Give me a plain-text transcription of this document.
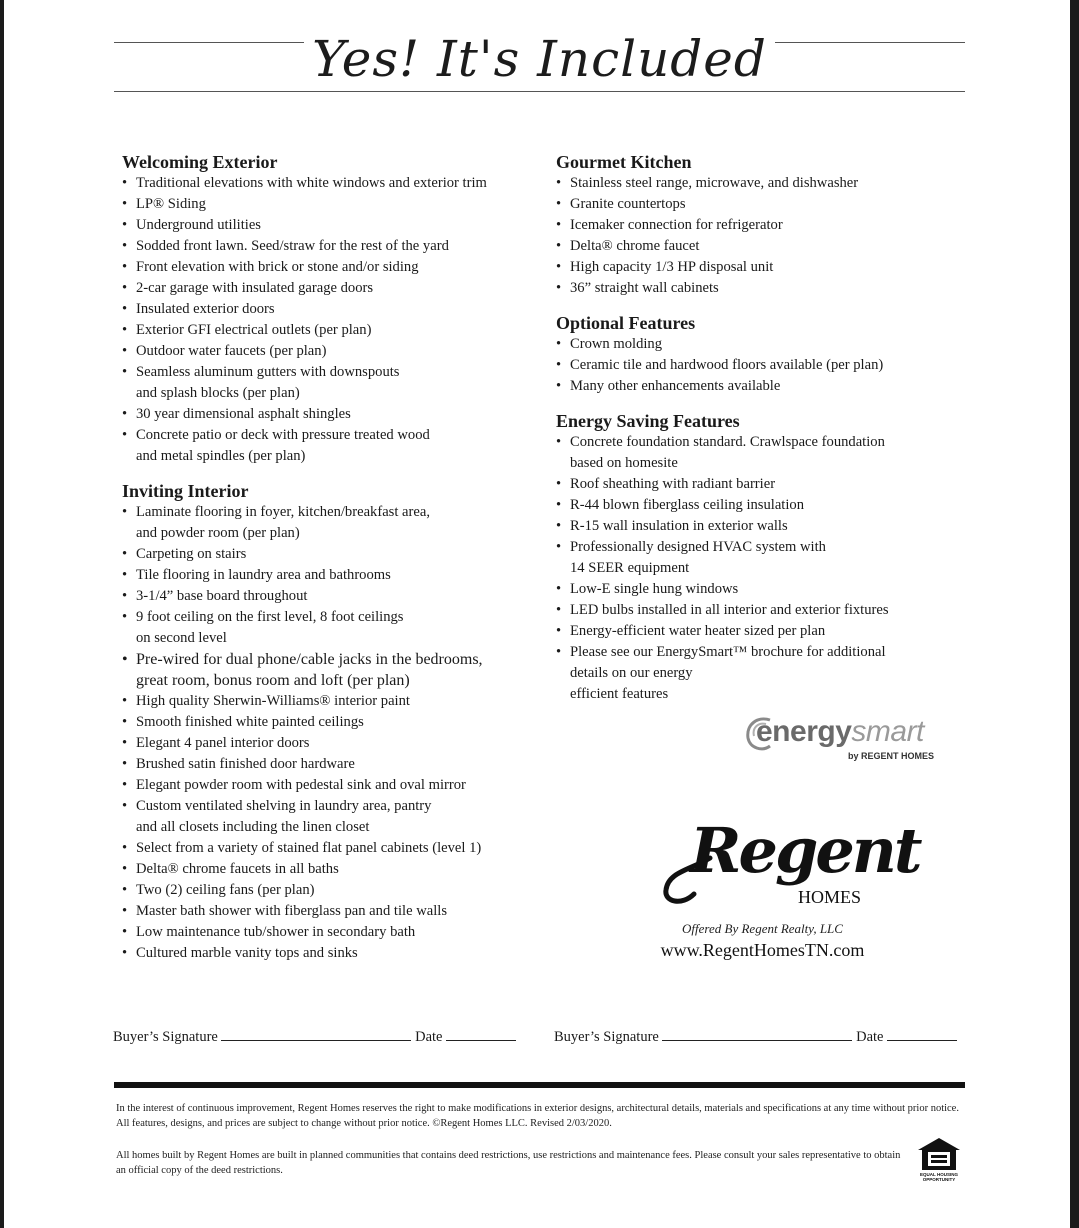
Yes! It's Included
Welcoming Exterior
• Traditional elevations with white windows and exterior trim
• LP® Siding
• Underground utilities
• Sodded front lawn. Seed/straw for the rest of the yard
• Front elevation with brick or stone and/or siding
• 2-car garage with insulated garage doors
• Insulated exterior doors
• Exterior GFI electrical outlets (per plan)
• Outdoor water faucets (per plan)
• Seamless aluminum gutters with downspouts
and splash blocks (per plan)
• 30 year dimensional asphalt shingles
• Concrete patio or deck with pressure treated wood
and metal spindles (per plan)
Inviting Interior
• Laminate flooring in foyer, kitchen/breakfast area,
and powder room (per plan)
• Carpeting on stairs
• Tile flooring in laundry area and bathrooms
• 3-1/4” base board throughout
• 9 foot ceiling on the first level, 8 foot ceilings
on second level
• Pre-wired for dual phone/cable jacks in the bedrooms,
great room, bonus room and loft (per plan)
• High quality Sherwin-Williams® interior paint
• Smooth finished white painted ceilings
• Elegant 4 panel interior doors
• Brushed satin finished door hardware
• Elegant powder room with pedestal sink and oval mirror
• Custom ventilated shelving in laundry area, pantry
and all closets including the linen closet
• Select from a variety of stained flat panel cabinets (level 1)
• Delta® chrome faucets in all baths
• Two (2) ceiling fans (per plan)
• Master bath shower with fiberglass pan and tile walls
• Low maintenance tub/shower in secondary bath
• Cultured marble vanity tops and sinks
Gourmet Kitchen
• Stainless steel range, microwave, and dishwasher
• Granite countertops
• Icemaker connection for refrigerator
• Delta® chrome faucet
• High capacity 1/3 HP disposal unit
• 36” straight wall cabinets
Optional Features
• Crown molding
• Ceramic tile and hardwood floors available (per plan)
• Many other enhancements available
Energy Saving Features
• Concrete foundation standard. Crawlspace foundation
based on homesite
• Roof sheathing with radiant barrier
• R-44 blown fiberglass ceiling insulation
• R-15 wall insulation in exterior walls
• Professionally designed HVAC system with
14 SEER equipment
• Low-E single hung windows
• LED bulbs installed in all interior and exterior fixtures
• Energy-efficient water heater sized per plan
• Please see our EnergySmart™ brochure for additional
details on our energy
efficient features
energysmart
by REGENT HOMES
Regent
HOMES
Offered By Regent Realty, LLC
www.RegentHomesTN.com
Buyer’s Signature	Date	Buyer’s Signature	Date
In the interest of continuous improvement, Regent Homes reserves the right to make modifications in exterior designs, architectural details, materials and specifications at any time without prior notice. All features, designs, and prices are subject to change without prior notice. ©Regent Homes LLC. Revised 2/03/2020.
All homes built by Regent Homes are built in planned communities that contains deed restrictions, use restrictions and maintenance fees. Please consult your sales representative to obtain an official copy of the deed restrictions.	EQUAL HOUSING OPPORTUNITY
